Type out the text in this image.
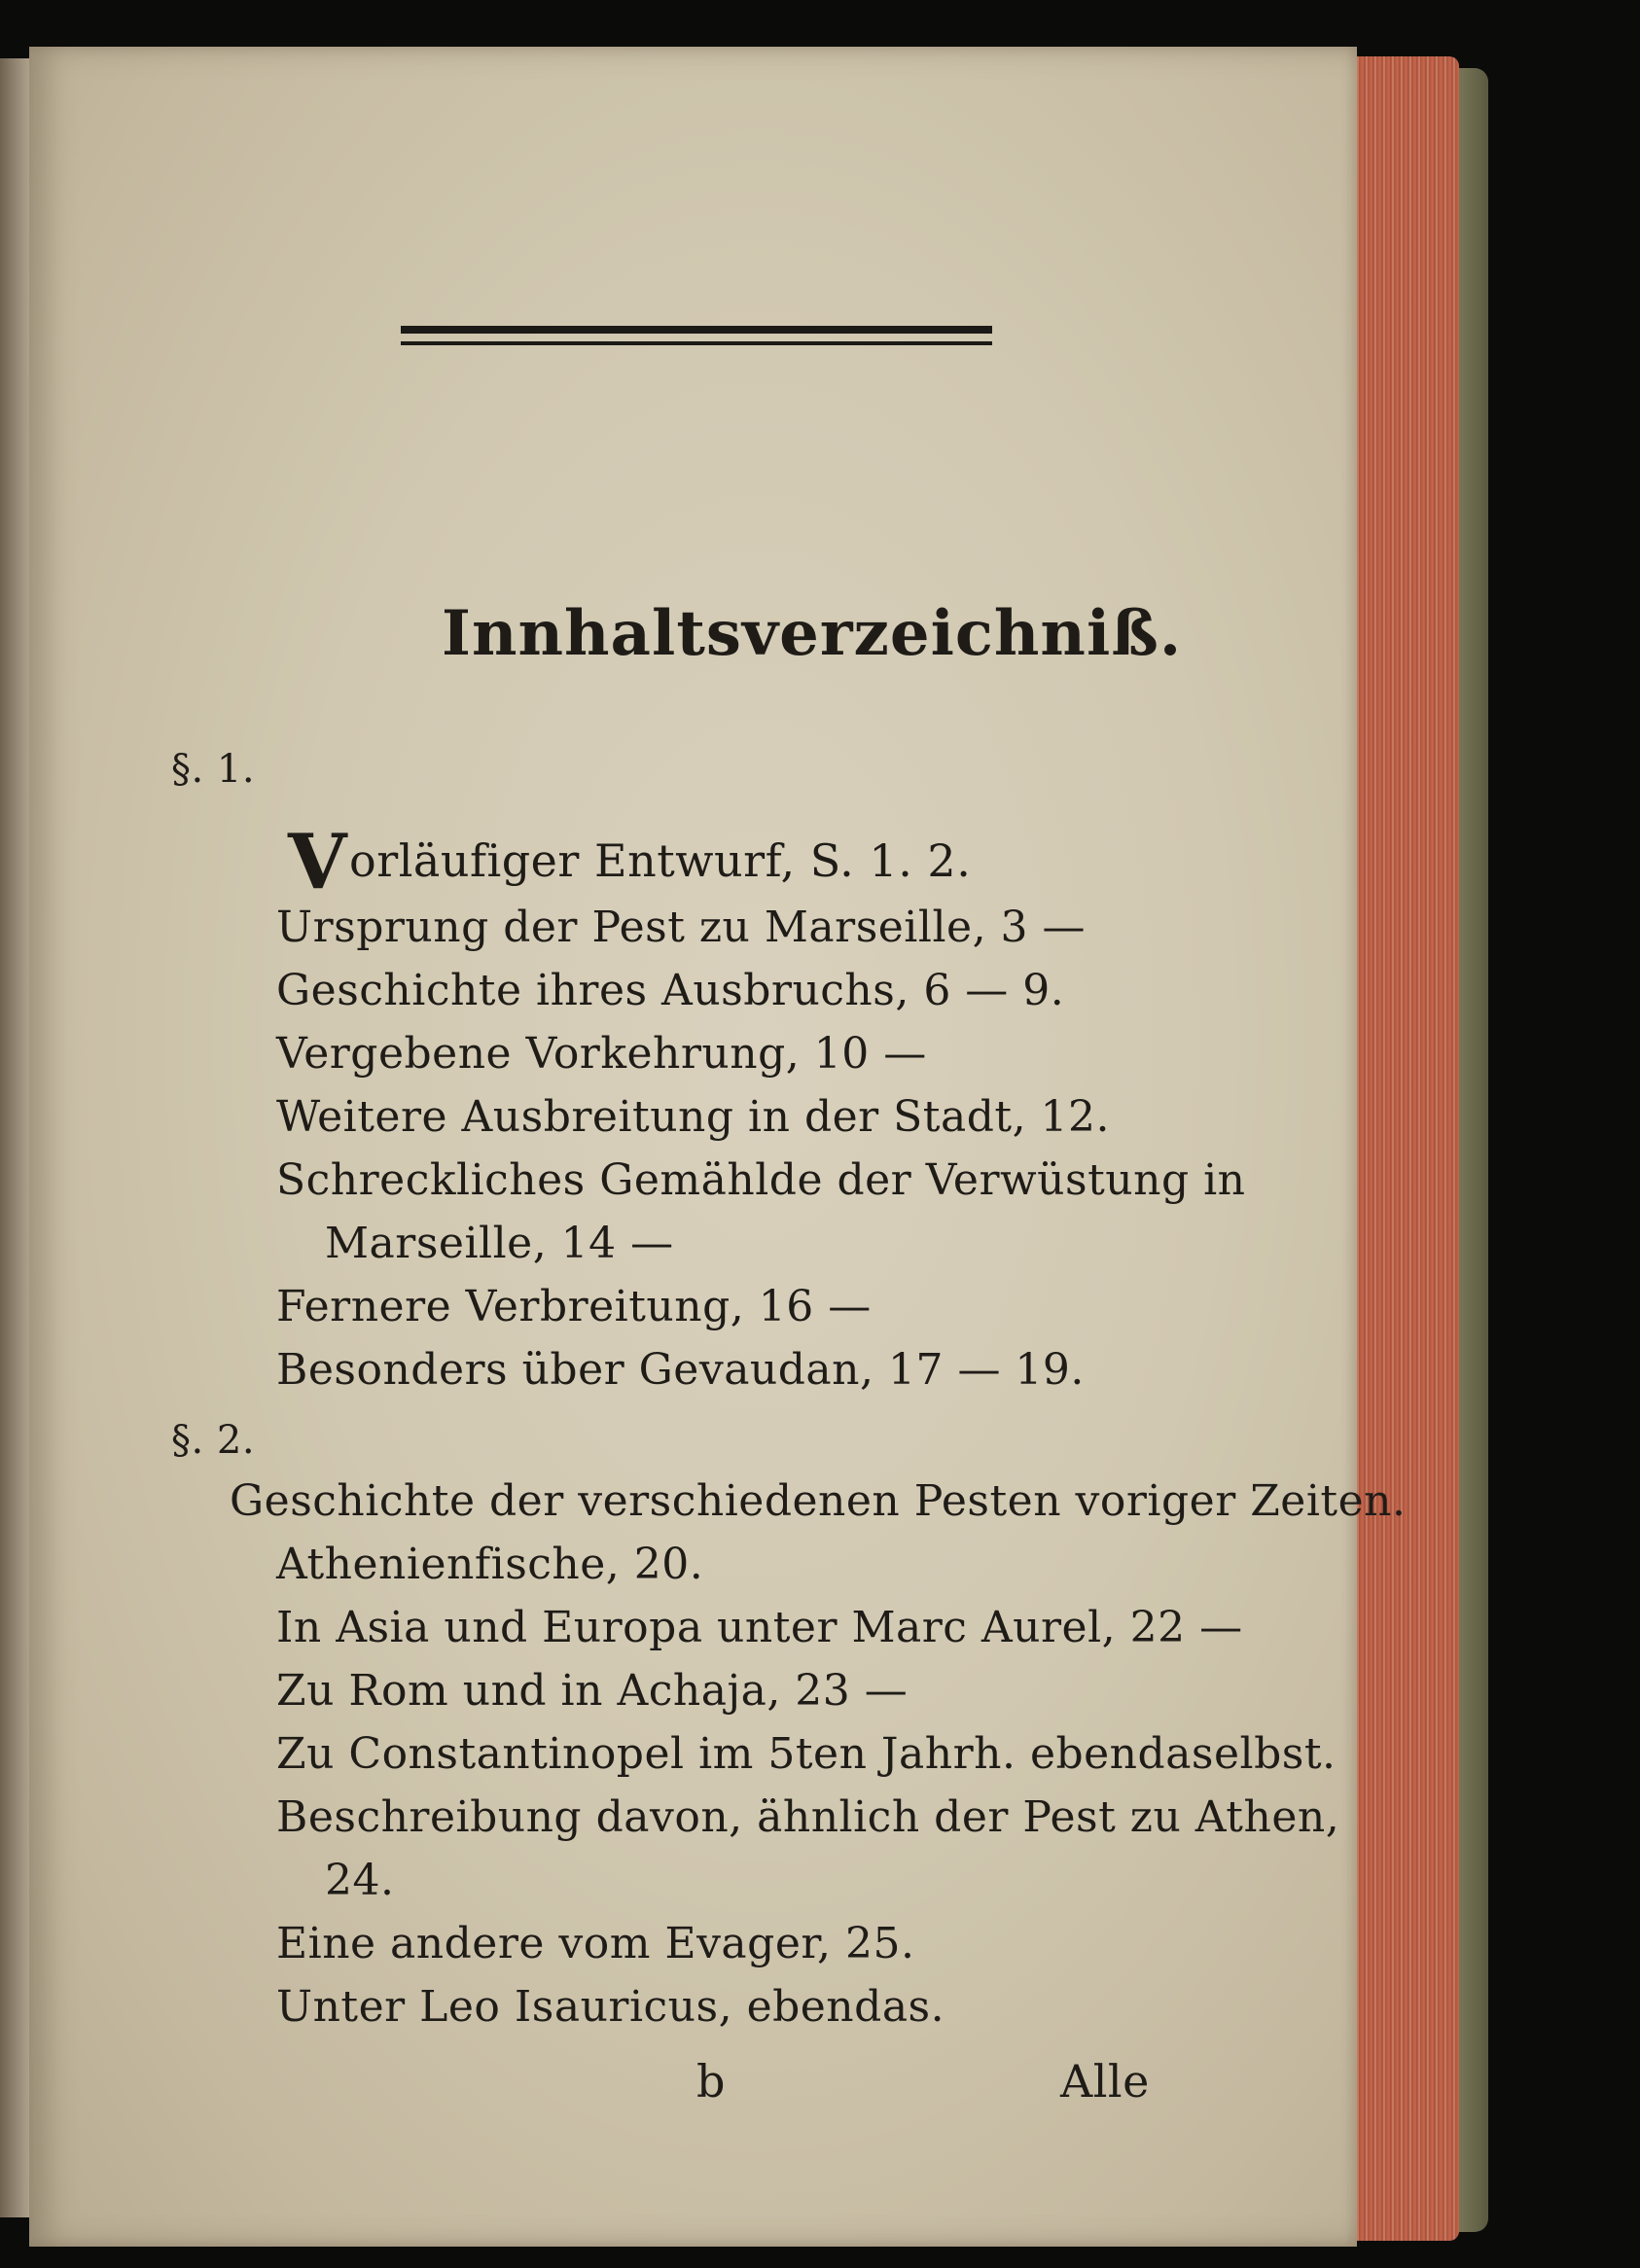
Innhaltsverzeichniß.
§. 1.
Vorläufiger Entwurf, S. 1. 2.
Ursprung der Pest zu Marseille, 3 —
Geschichte ihres Ausbruchs, 6 — 9.
Vergebene Vorkehrung, 10 —
Weitere Ausbreitung in der Stadt, 12.
Schreckliches Gemählde der Verwüstung in
Marseille, 14 —
Fernere Verbreitung, 16 —
Besonders über Gevaudan, 17 — 19.
§. 2.
Geschichte der verschiedenen Pesten voriger Zeiten.
Athenienfische, 20.
In Asia und Europa unter Marc Aurel, 22 —
Zu Rom und in Achaja, 23 —
Zu Constantinopel im 5ten Jahrh. ebendaselbst.
Beschreibung davon, ähnlich der Pest zu Athen,
24.
Eine andere vom Evager, 25.
Unter Leo Isauricus, ebendas.
b	Alle
